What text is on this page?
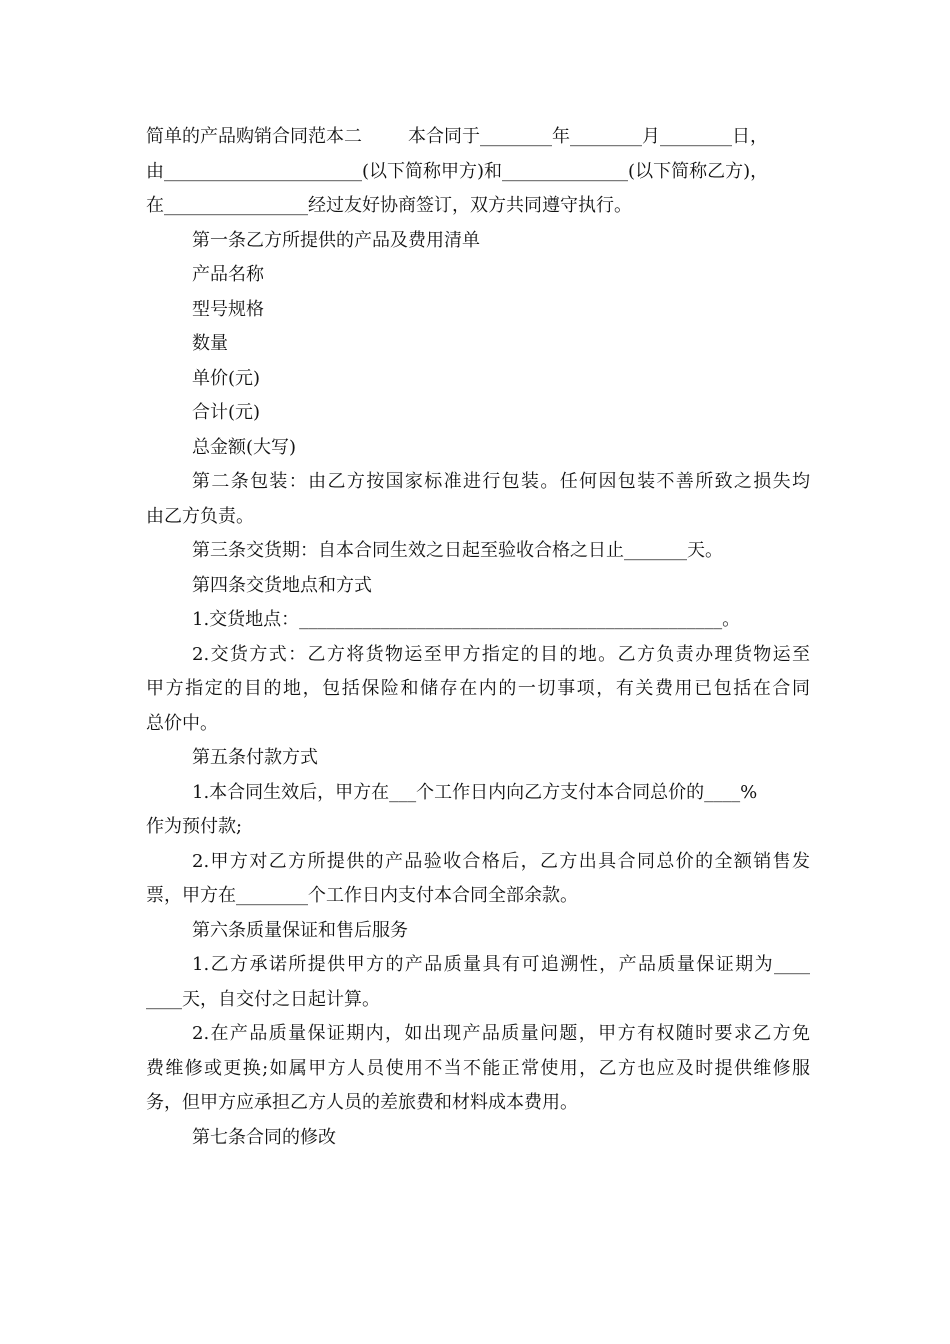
简单的产品购销合同范本二	本合同于________年________月________日，
由______________________(以下简称甲方)和______________(以下简称乙方)，
在________________经过友好协商签订，双方共同遵守执行。
第一条乙方所提供的产品及费用清单
产品名称
型号规格
数量
单价(元)
合计(元)
总金额(大写)
第二条包装：由乙方按国家标准进行包装。任何因包装不善所致之损失均
由乙方负责。
第三条交货期：自本合同生效之日起至验收合格之日止_______天。
第四条交货地点和方式
1.交货地点：_______________________________________________。
2.交货方式：乙方将货物运至甲方指定的目的地。乙方负责办理货物运至
甲方指定的目的地，包括保险和储存在内的一切事项，有关费用已包括在合同
总价中。
第五条付款方式
1.本合同生效后，甲方在___个工作日内向乙方支付本合同总价的____%
作为预付款;
2.甲方对乙方所提供的产品验收合格后，乙方出具合同总价的全额销售发
票，甲方在________个工作日内支付本合同全部余款。
第六条质量保证和售后服务
1.乙方承诺所提供甲方的产品质量具有可追溯性，产品质量保证期为____
____天，自交付之日起计算。
2.在产品质量保证期内，如出现产品质量问题，甲方有权随时要求乙方免
费维修或更换;如属甲方人员使用不当不能正常使用，乙方也应及时提供维修服
务，但甲方应承担乙方人员的差旅费和材料成本费用。
第七条合同的修改
